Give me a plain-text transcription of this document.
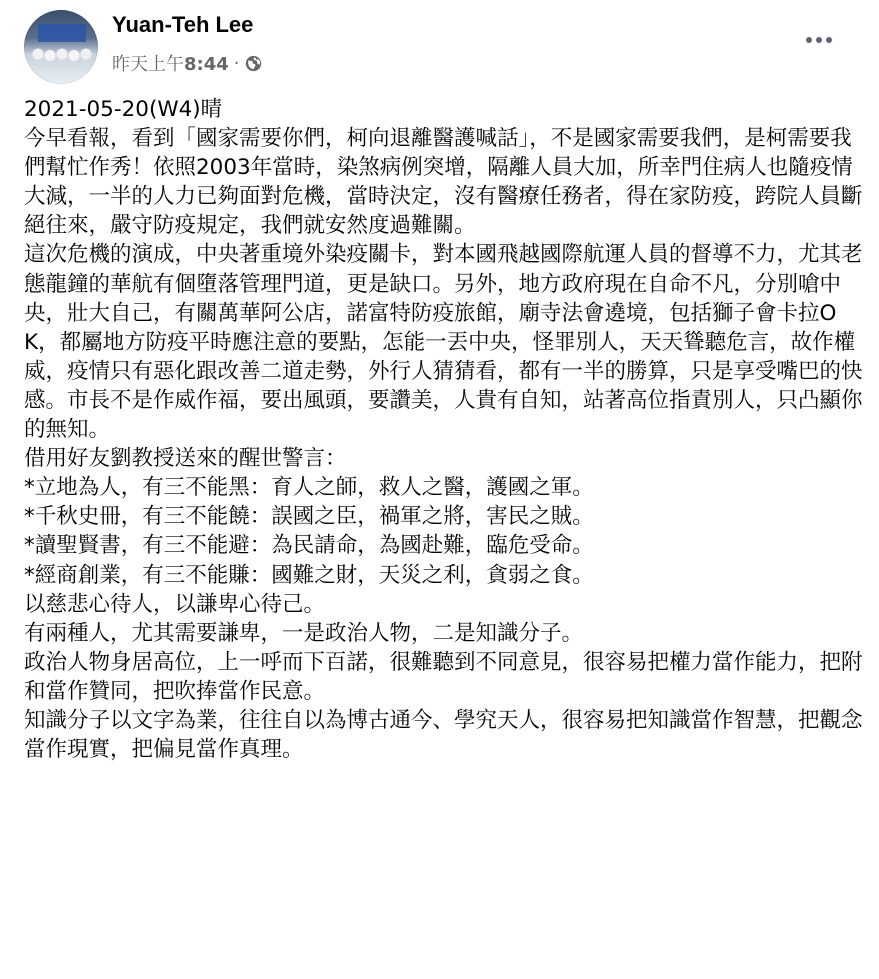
Yuan-Teh Lee
昨天上午8:44 ·

2021-05-20(W4)晴

今早看報，看到「國家需要你們，柯向退離醫護喊話」，不是國家需要我們，是柯需要我們幫忙作秀！依照2003年當時，染煞病例突增，隔離人員大加，所幸門住病人也隨疫情大減，一半的人力已夠面對危機，當時決定，沒有醫療任務者，得在家防疫，跨院人員斷絕往來，嚴守防疫規定，我們就安然度過難關。

這次危機的演成，中央著重境外染疫關卡，對本國飛越國際航運人員的督導不力，尤其老態龍鐘的華航有個墮落管理門道，更是缺口。另外，地方政府現在自命不凡，分別嗆中央，壯大自己，有關萬華阿公店，諾富特防疫旅館，廟寺法會遶境，包括獅子會卡拉OK，都屬地方防疫平時應注意的要點，怎能一丟中央，怪罪別人，天天聳聽危言，故作權威，疫情只有惡化跟改善二道走勢，外行人猜猜看，都有一半的勝算，只是享受嘴巴的快感。市長不是作威作福，要出風頭，要讚美，人貴有自知，站著高位指責別人，只凸顯你的無知。

借用好友劉教授送來的醒世警言：

*立地為人，有三不能黑：育人之師，救人之醫，護國之軍。

*千秋史冊，有三不能饒：誤國之臣，禍軍之將，害民之賊。

*讀聖賢書，有三不能避：為民請命，為國赴難，臨危受命。

*經商創業，有三不能賺：國難之財，天災之利，貪弱之食。

以慈悲心待人，以謙卑心待己。

有兩種人，尤其需要謙卑，一是政治人物，二是知識分子。

政治人物身居高位，上一呼而下百諾，很難聽到不同意見，很容易把權力當作能力，把附和當作贊同，把吹捧當作民意。

知識分子以文字為業，往往自以為博古通今、學究天人，很容易把知識當作智慧，把觀念當作現實，把偏見當作真理。
